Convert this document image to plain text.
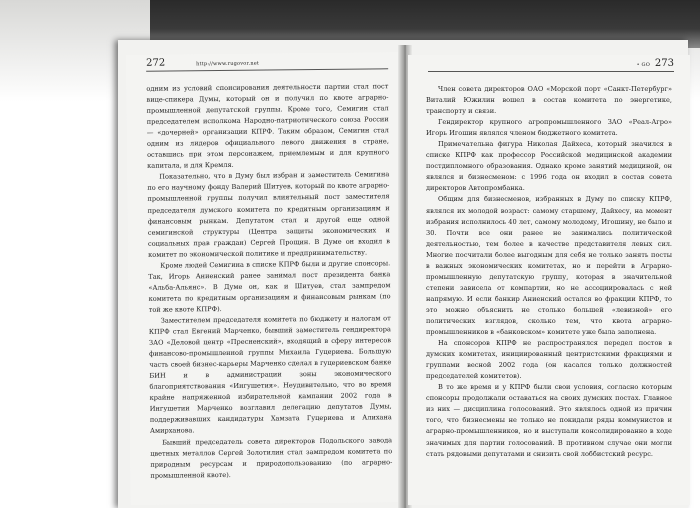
272	http://www.rugovor.net

одним из условий спонсирования деятельности партии стал пост вице-спикера Думы, который он и получил по квоте аграрно-промышленной депутатской группы. Кроме того, Семигин стал председателем исполкома Народно-патриотического союза России — «дочерней» организации КПРФ. Таким образом, Семигин стал одним из лидеров официального левого движения в стране, оставшись при этом персонажем, приемлемым и для крупного капитала, и для Кремля.

Показательно, что в Думу был избран и заместитель Семигина по его научному фонду Валерий Шитуев, который по квоте аграрно-промышленной группы получил влиятельный пост заместителя председателя думского комитета по кредитным организациям и финансовым рынкам. Депутатом стал и другой еще одной семигинской структуры (Центра защиты экономических и социальных прав граждан) Сергей Прощин. В Думе он входил в комитет по экономической политике и предпринимательству.

Кроме людей Семигина в списке КПРФ были и другие спонсоры. Так, Игорь Аниенский ранее занимал пост президента банка «Альба-Альянс». В Думе он, как и Шитуев, стал зампредом комитета по кредитным организациям и финансовым рынкам (по той же квоте КПРФ).

Заместителем председателя комитета по бюджету и налогам от КПРФ стал Евгений Марченко, бывший заместитель гендиректора ЗАО «Деловой центр «Пресненский», входящий в сферу интересов финансово-промышленной группы Михаила Гуцериева. Большую часть своей бизнес-карьеры Марченко сделал в гуцериевском банке БИН и в администрации зоны экономического благоприятствования «Ингушетия». Неудивительно, что во время крайне напряженной избирательной кампании 2002 года в Ингушетии Марченко возглавил делегацию депутатов Думы, поддерживавших кандидатуры Хамзата Гуцериева и Алихана Амирханова.

Бывший председатель совета директоров Подольского завода цветных металлов Сергей Золотилин стал зампредом комитета по природным ресурсам и природопользованию (по аграрно-промышленной квоте).

• GO 273

Член совета директоров ОАО «Морской порт «Санкт-Петербург» Виталий Южилин вошел в состав комитета по энергетике, транспорту и связи.

Гендиректор крупного агропромышленного ЗАО «Реал-Агро» Игорь Игошин являлся членом бюджетного комитета.

Примечательна фигура Николая Дайхеса, который значился в списке КПРФ как профессор Российской медицинской академии постдипломного образования. Однако кроме занятий медициной, он являлся и бизнесменом: с 1996 года он входил в состав совета директоров Автопромбанка.

Общим для бизнесменов, избранных в Думу по списку КПРФ, являлся их молодой возраст: самому старшему, Дайхесу, на момент избрания исполнилось 40 лет, самому молодому, Игошину, не было и 30. Почти все они ранее не занимались политической деятельностью, тем более в качестве представителя левых сил. Многие посчитали более выгодным для себя не только занять посты в важных экономических комитетах, но и перейти в Аграрно-промышленную депутатскую группу, которая в значительной степени зависела от компартии, но не ассоциировалась с ней напрямую. И если банкир Аниенский остался во фракции КПРФ, то это можно объяснить не столько большей «левизной» его политических взглядов, сколько тем, что квота аграрно-промышленников в «банковском» комитете уже была заполнена.

На спонсоров КПРФ не распространялся передел постов в думских комитетах, инициированный центристскими фракциями и группами весной 2002 года (он касался только должностей председателей комитетов).

В то же время и у КПРФ были свои условия, согласно которым спонсоры продолжали оставаться на своих думских постах. Главное из них — дисциплина голосований. Это являлось одной из причин того, что бизнесмены не только не покидали ряды коммунистов и аграрно-промышленников, но и выступали консолидированно в ходе значимых для партии голосований. В противном случае они могли стать рядовыми депутатами и снизить свой лоббистский ресурс.
